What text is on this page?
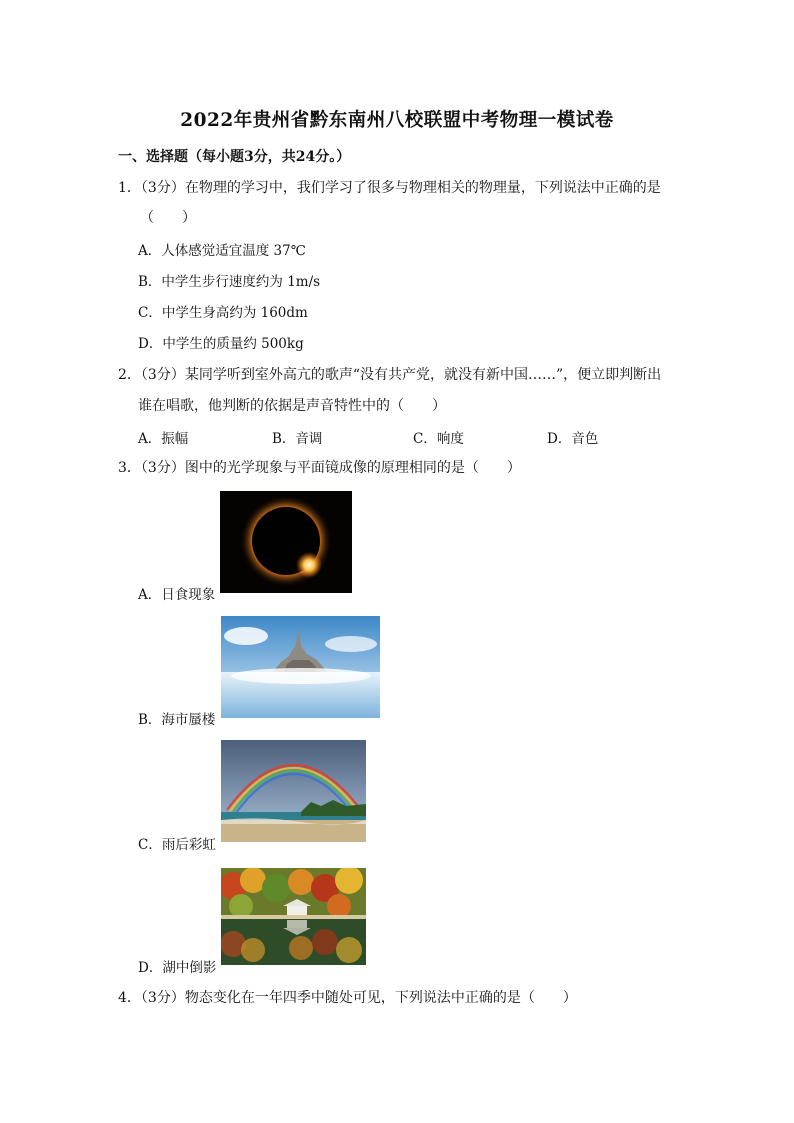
2022年贵州省黔东南州八校联盟中考物理一模试卷
一、选择题（每小题3分，共24分。）
1．（3分）在物理的学习中，我们学习了很多与物理相关的物理量，下列说法中正确的是
（　　）
A．人体感觉适宜温度 37℃
B．中学生步行速度约为 1m/s
C．中学生身高约为 160dm
D．中学生的质量约 500kg
2．（3分）某同学听到室外高亢的歌声“没有共产党，就没有新中国……”，便立即判断出
谁在唱歌，他判断的依据是声音特性中的（　　）
A．振幅	B．音调	C．响度	D．音色
3．（3分）图中的光学现象与平面镜成像的原理相同的是（　　）
A．日食现象
B．海市蜃楼
C．雨后彩虹
D．湖中倒影
4．（3分）物态变化在一年四季中随处可见，下列说法中正确的是（　　）
